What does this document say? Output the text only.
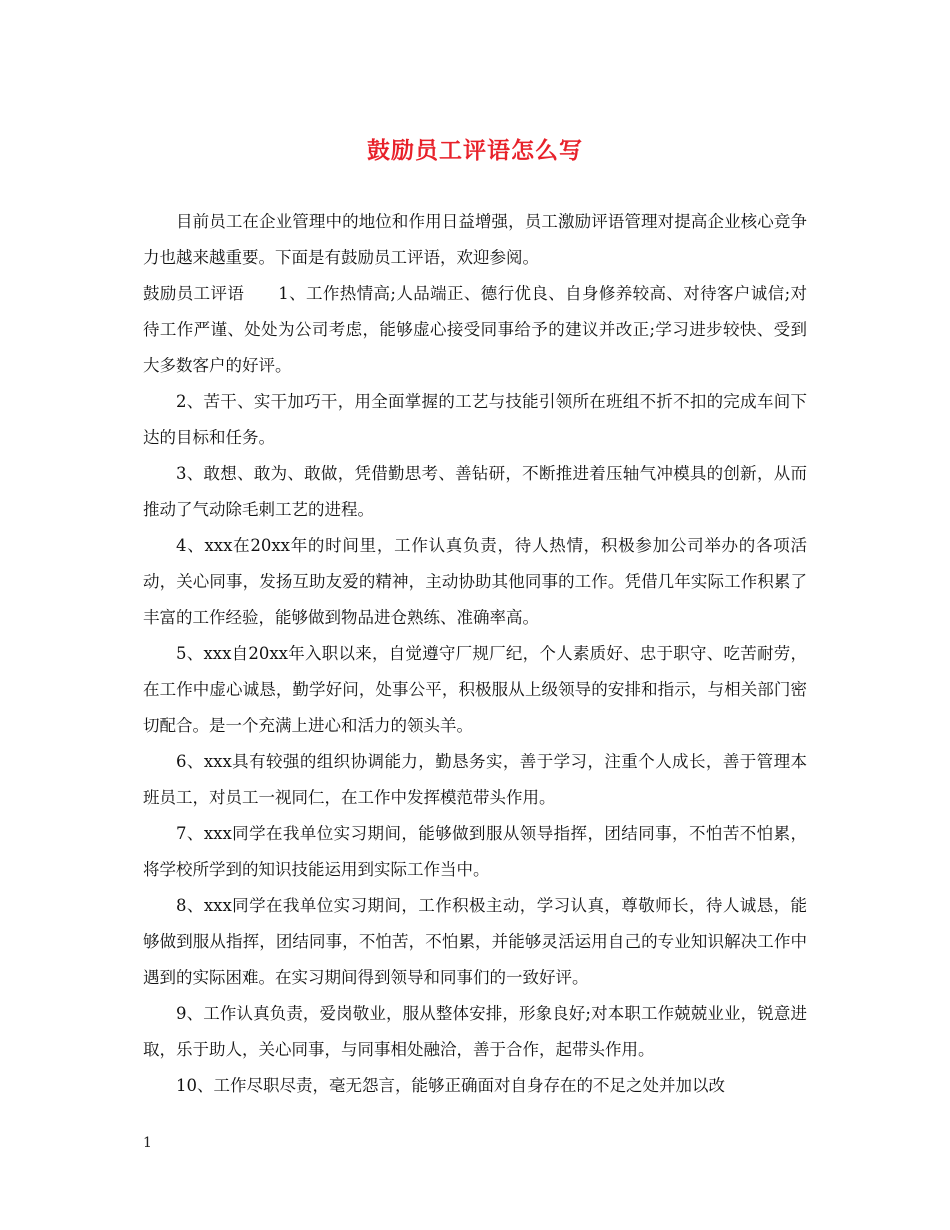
鼓励员工评语怎么写

目前员工在企业管理中的地位和作用日益增强，员工激励评语管理对提高企业核心竞争力也越来越重要。下面是有鼓励员工评语，欢迎参阅。

鼓励员工评语 1、工作热情高;人品端正、德行优良、自身修养较高、对待客户诚信;对待工作严谨、处处为公司考虑，能够虚心接受同事给予的建议并改正;学习进步较快、受到大多数客户的好评。

2、苦干、实干加巧干，用全面掌握的工艺与技能引领所在班组不折不扣的完成车间下达的目标和任务。

3、敢想、敢为、敢做，凭借勤思考、善钻研，不断推进着压轴气冲模具的创新，从而推动了气动除毛刺工艺的进程。

4、xxx在20xx年的时间里，工作认真负责，待人热情，积极参加公司举办的各项活动，关心同事，发扬互助友爱的精神，主动协助其他同事的工作。凭借几年实际工作积累了丰富的工作经验，能够做到物品进仓熟练、准确率高。

5、xxx自20xx年入职以来，自觉遵守厂规厂纪，个人素质好、忠于职守、吃苦耐劳，在工作中虚心诚恳，勤学好问，处事公平，积极服从上级领导的安排和指示，与相关部门密切配合。是一个充满上进心和活力的领头羊。

6、xxx具有较强的组织协调能力，勤恳务实，善于学习，注重个人成长，善于管理本班员工，对员工一视同仁，在工作中发挥模范带头作用。

7、xxx同学在我单位实习期间，能够做到服从领导指挥，团结同事，不怕苦不怕累，将学校所学到的知识技能运用到实际工作当中。

8、xxx同学在我单位实习期间，工作积极主动，学习认真，尊敬师长，待人诚恳，能够做到服从指挥，团结同事，不怕苦，不怕累，并能够灵活运用自己的专业知识解决工作中遇到的实际困难。在实习期间得到领导和同事们的一致好评。

9、工作认真负责，爱岗敬业，服从整体安排，形象良好;对本职工作兢兢业业，锐意进取，乐于助人，关心同事，与同事相处融洽，善于合作，起带头作用。

10、工作尽职尽责，毫无怨言，能够正确面对自身存在的不足之处并加以改

1
